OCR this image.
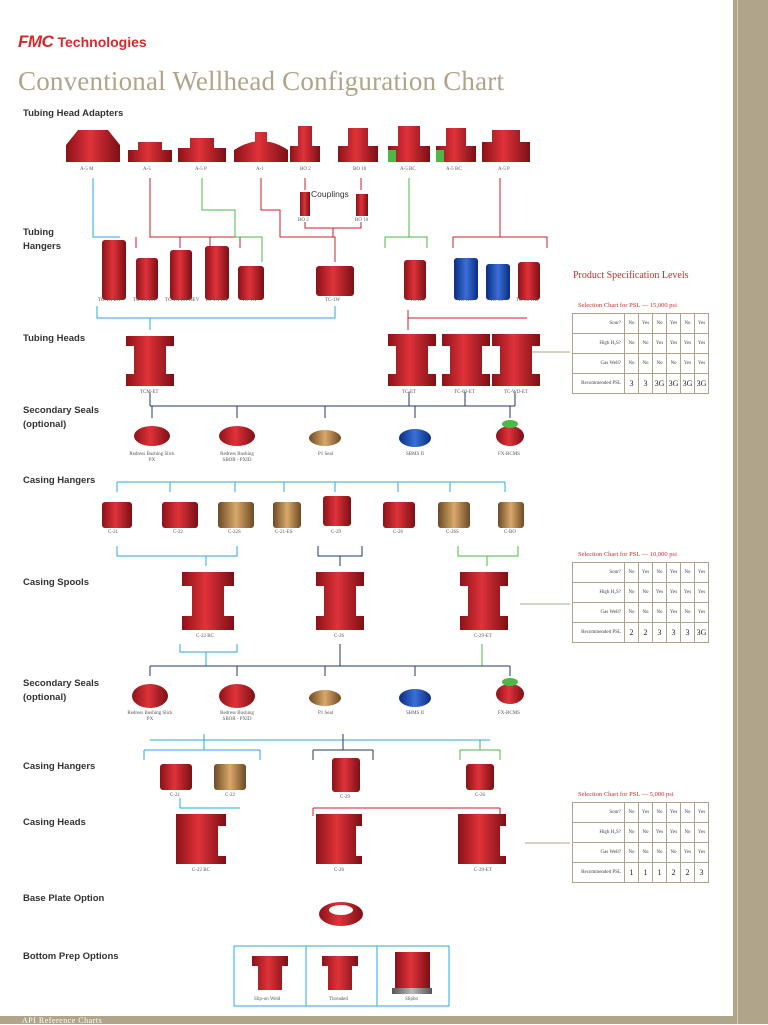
API Reference Charts
FMC Technologies
Conventional Wellhead Configuration Chart
Tubing Head Adapters
Tubing
Hangers
Tubing Heads
Secondary Seals
(optional)
Casing Hangers
Casing Spools
Secondary Seals
(optional)
Casing Hangers
Casing Heads
Base Plate Option
Bottom Prep Options
Couplings
A-5 M	A-5	A-5 P	A-1	BO 2	BO 10	A-5 BC	A-5 BC	A-5 P
BO 2	BO 10
TC-1A-EN	TC-1A-EN TC-1A-EN-HEV TC-1A-EN	TC-1A	TC-1W	TC-BC	TC-BC	TC-60	TC-60 WD
TCM-ET	TC-ET	TC-60-ET	TC-WD-ET
Redress Bushing Slick PX
Redress Bushing SBOR - PXID
P1 Seal	SBMS II	FX-BCMS
C-21	C-22	C-22S	C-21-ES	C-29	C-26	C-26S	C-BO
C-22 BC	C-26	C-29-ET
Redress Bushing Slick PX
Redress Bushing SBOR - PXID
P1 Seal	SBMS II	FX-BCMS
C-21	C-22	C-29	C-26
C-22 BC	C-26	C-29-ET
Slip-on Weld	Threaded	Slipbo
Product Specification Levels
Selection Chart for PSL — 15,000 psi
Sour?	No	Yes	No	Yes	No	Yes
High H₂S?	No	No	Yes	Yes	Yes	Yes
Gas Well?	No	No	No	No	Yes	Yes
Recommended PSL	3	3	3G	3G	3G	3G
Selection Chart for PSL — 10,000 psi
Sour?	No	Yes	No	Yes	No	Yes
High H₂S?	No	No	Yes	Yes	Yes	Yes
Gas Well?	No	No	No	Yes	No	Yes
Recommended PSL	2	2	3	3	3	3G
Selection Chart for PSL — 5,000 psi
Sour?	No	Yes	No	Yes	No	Yes
High H₂S?	No	No	Yes	Yes	No	Yes
Gas Well?	No	No	No	No	Yes	Yes
Recommended PSL	1	1	1	2	2	3
